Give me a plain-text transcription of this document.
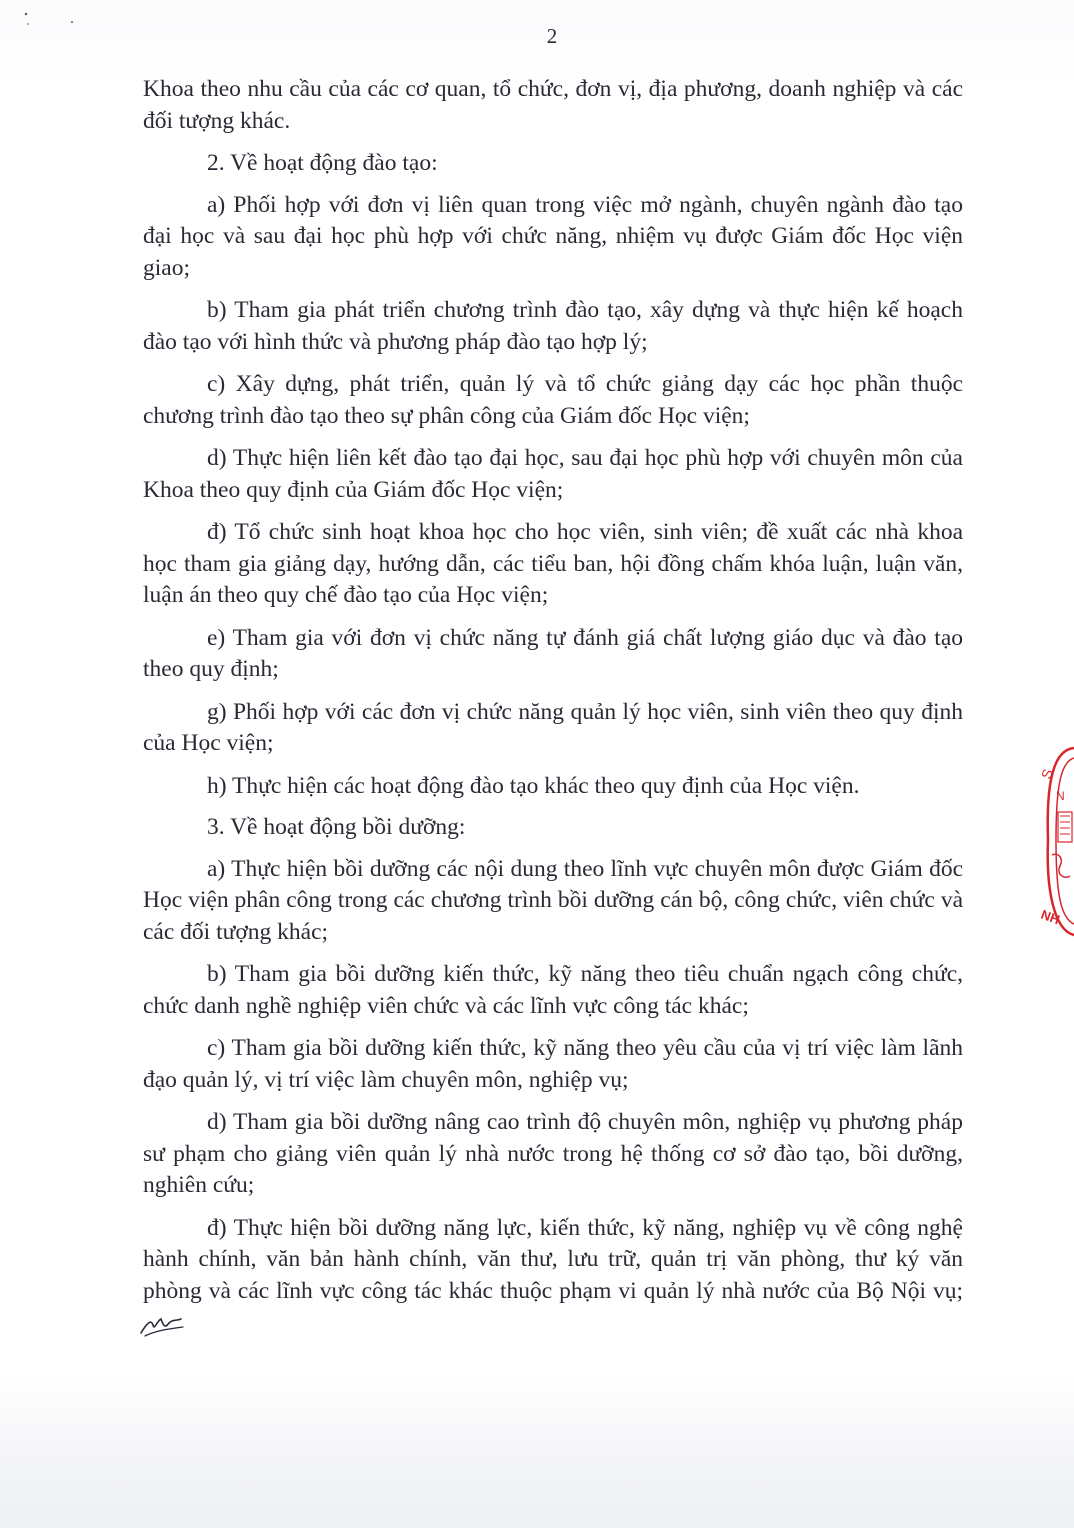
2

Khoa theo nhu cầu của các cơ quan, tổ chức, đơn vị, địa phương, doanh nghiệp và các đối tượng khác.

2. Về hoạt động đào tạo:

a) Phối hợp với đơn vị liên quan trong việc mở ngành, chuyên ngành đào tạo đại học và sau đại học phù hợp với chức năng, nhiệm vụ được Giám đốc Học viện giao;

b) Tham gia phát triển chương trình đào tạo, xây dựng và thực hiện kế hoạch đào tạo với hình thức và phương pháp đào tạo hợp lý;

c) Xây dựng, phát triển, quản lý và tổ chức giảng dạy các học phần thuộc chương trình đào tạo theo sự phân công của Giám đốc Học viện;

d) Thực hiện liên kết đào tạo đại học, sau đại học phù hợp với chuyên môn của Khoa theo quy định của Giám đốc Học viện;

đ) Tổ chức sinh hoạt khoa học cho học viên, sinh viên; đề xuất các nhà khoa học tham gia giảng dạy, hướng dẫn, các tiểu ban, hội đồng chấm khóa luận, luận văn, luận án theo quy chế đào tạo của Học viện;

e) Tham gia với đơn vị chức năng tự đánh giá chất lượng giáo dục và đào tạo theo quy định;

g) Phối hợp với các đơn vị chức năng quản lý học viên, sinh viên theo quy định của Học viện;

h) Thực hiện các hoạt động đào tạo khác theo quy định của Học viện.

3. Về hoạt động bồi dưỡng:

a) Thực hiện bồi dưỡng các nội dung theo lĩnh vực chuyên môn được Giám đốc Học viện phân công trong các chương trình bồi dưỡng cán bộ, công chức, viên chức và các đối tượng khác;

b) Tham gia bồi dưỡng kiến thức, kỹ năng theo tiêu chuẩn ngạch công chức, chức danh nghề nghiệp viên chức và các lĩnh vực công tác khác;

c) Tham gia bồi dưỡng kiến thức, kỹ năng theo yêu cầu của vị trí việc làm lãnh đạo quản lý, vị trí việc làm chuyên môn, nghiệp vụ;

d) Tham gia bồi dưỡng nâng cao trình độ chuyên môn, nghiệp vụ phương pháp sư phạm cho giảng viên quản lý nhà nước trong hệ thống cơ sở đào tạo, bồi dưỡng, nghiên cứu;

đ) Thực hiện bồi dưỡng năng lực, kiến thức, kỹ năng, nghiệp vụ về công nghệ hành chính, văn bản hành chính, văn thư, lưu trữ, quản trị văn phòng, thư ký văn phòng và các lĩnh vực công tác khác thuộc phạm vi quản lý nhà nước của Bộ Nội vụ;

S
N
NH
